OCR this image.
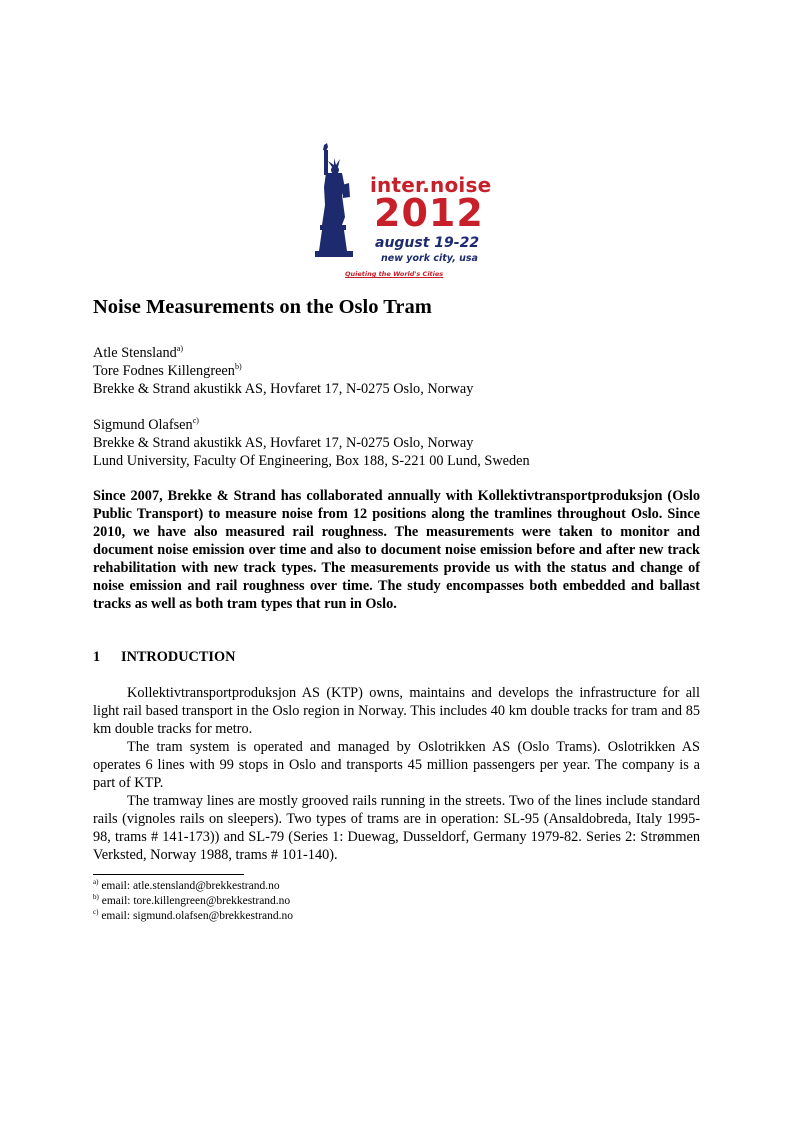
inter.noise
2012
august 19-22
new york city, usa
Quieting the World's Cities
Noise Measurements on the Oslo Tram
Atle Stensland$^{a)}$
Tore Fodnes Killengreen$^{b)}$
Brekke & Strand akustikk AS, Hovfaret 17, N-0275 Oslo, Norway
Sigmund Olafsen$^{c)}$
Brekke & Strand akustikk AS, Hovfaret 17, N-0275 Oslo, Norway
Lund University, Faculty Of Engineering, Box 188, S-221 00 Lund, Sweden

Since 2007, Brekke & Strand has collaborated annually with Kollektivtransportproduksjon (Oslo Public Transport) to measure noise from 12 positions along the tramlines throughout Oslo. Since 2010, we have also measured rail roughness. The measurements were taken to monitor and document noise emission over time and also to document noise emission before and after new track rehabilitation with new track types. The measurements provide us with the status and change of noise emission and rail roughness over time. The study encompasses both embedded and ballast tracks as well as both tram types that run in Oslo.

1 INTRODUCTION

Kollektivtransportproduksjon AS (KTP) owns, maintains and develops the infrastructure for all light rail based transport in the Oslo region in Norway. This includes 40 km double tracks for tram and 85 km double tracks for metro.

The tram system is operated and managed by Oslotrikken AS (Oslo Trams). Oslotrikken AS operates 6 lines with 99 stops in Oslo and transports 45 million passengers per year. The company is a part of KTP.

The tramway lines are mostly grooved rails running in the streets. Two of the lines include standard rails (vignoles rails on sleepers). Two types of trams are in operation: SL-95 (Ansaldobreda, Italy 1995-98, trams # 141-173)) and SL-79 (Series 1: Duewag, Dusseldorf, Germany 1979-82. Series 2: Strømmen Verksted, Norway 1988, trams # 101-140).

$^{a)}$ email: atle.stensland@brekkestrand.no
$^{b)}$ email: tore.killengreen@brekkestrand.no
$^{c)}$ email: sigmund.olafsen@brekkestrand.no
